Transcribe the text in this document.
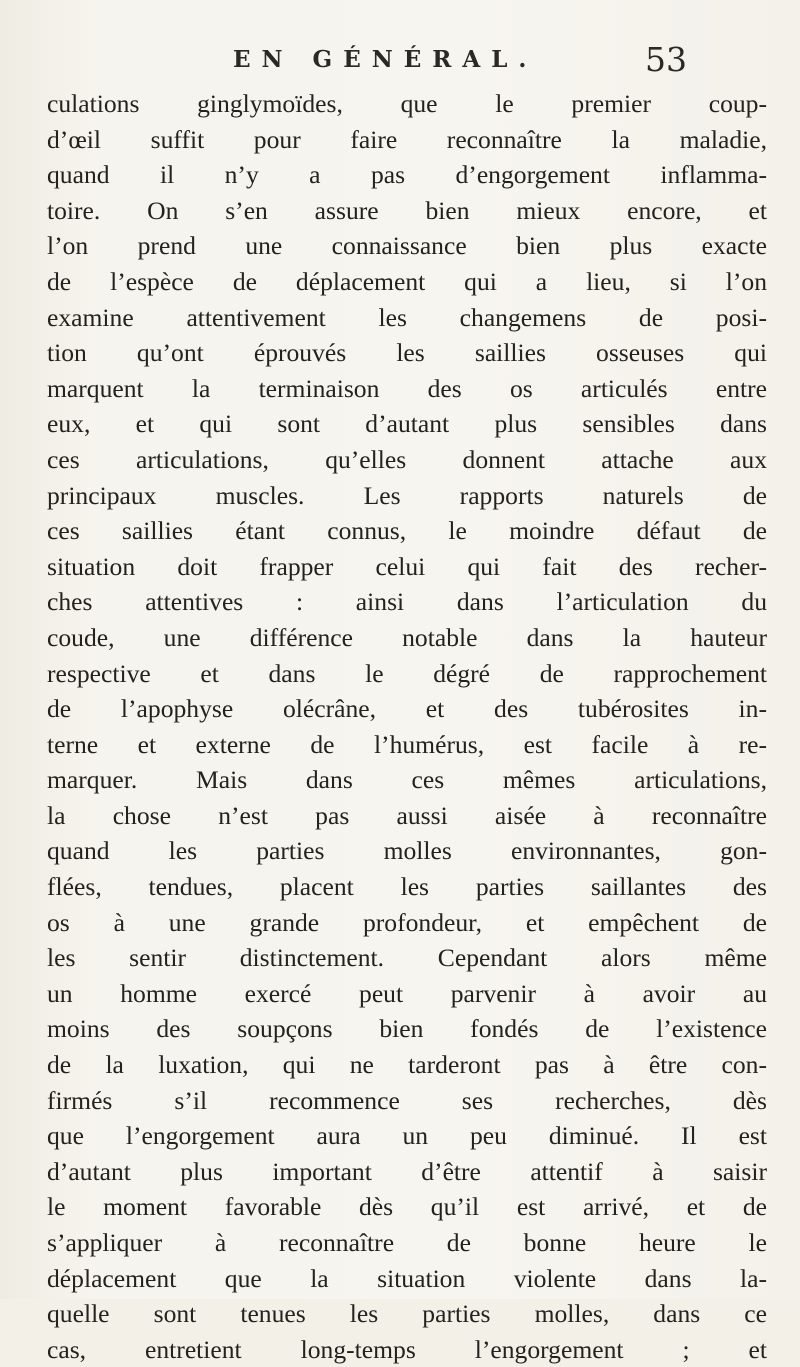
EN GÉNÉRAL.	53
culations ginglymoïdes, que le premier coup-
d’œil suffit pour faire reconnaître la maladie,
quand il n’y a pas d’engorgement inflamma-
toire. On s’en assure bien mieux encore, et
l’on prend une connaissance bien plus exacte
de l’espèce de déplacement qui a lieu, si l’on
examine attentivement les changemens de posi-
tion qu’ont éprouvés les saillies osseuses qui
marquent la terminaison des os articulés entre
eux, et qui sont d’autant plus sensibles dans
ces articulations, qu’elles donnent attache aux
principaux muscles. Les rapports naturels de
ces saillies étant connus, le moindre défaut de
situation doit frapper celui qui fait des recher-
ches attentives : ainsi dans l’articulation du
coude, une différence notable dans la hauteur
respective et dans le dégré de rapprochement
de l’apophyse olécrâne, et des tubérosites in-
terne et externe de l’humérus, est facile à re-
marquer. Mais dans ces mêmes articulations,
la chose n’est pas aussi aisée à reconnaître
quand les parties molles environnantes, gon-
flées, tendues, placent les parties saillantes des
os à une grande profondeur, et empêchent de
les sentir distinctement. Cependant alors même
un homme exercé peut parvenir à avoir au
moins des soupçons bien fondés de l’existence
de la luxation, qui ne tarderont pas à être con-
firmés s’il recommence ses recherches, dès
que l’engorgement aura un peu diminué. Il est
d’autant plus important d’être attentif à saisir
le moment favorable dès qu’il est arrivé, et de
s’appliquer à reconnaître de bonne heure le
déplacement que la situation violente dans la-
quelle sont tenues les parties molles, dans ce
cas, entretient long-temps l’engorgement ; et
